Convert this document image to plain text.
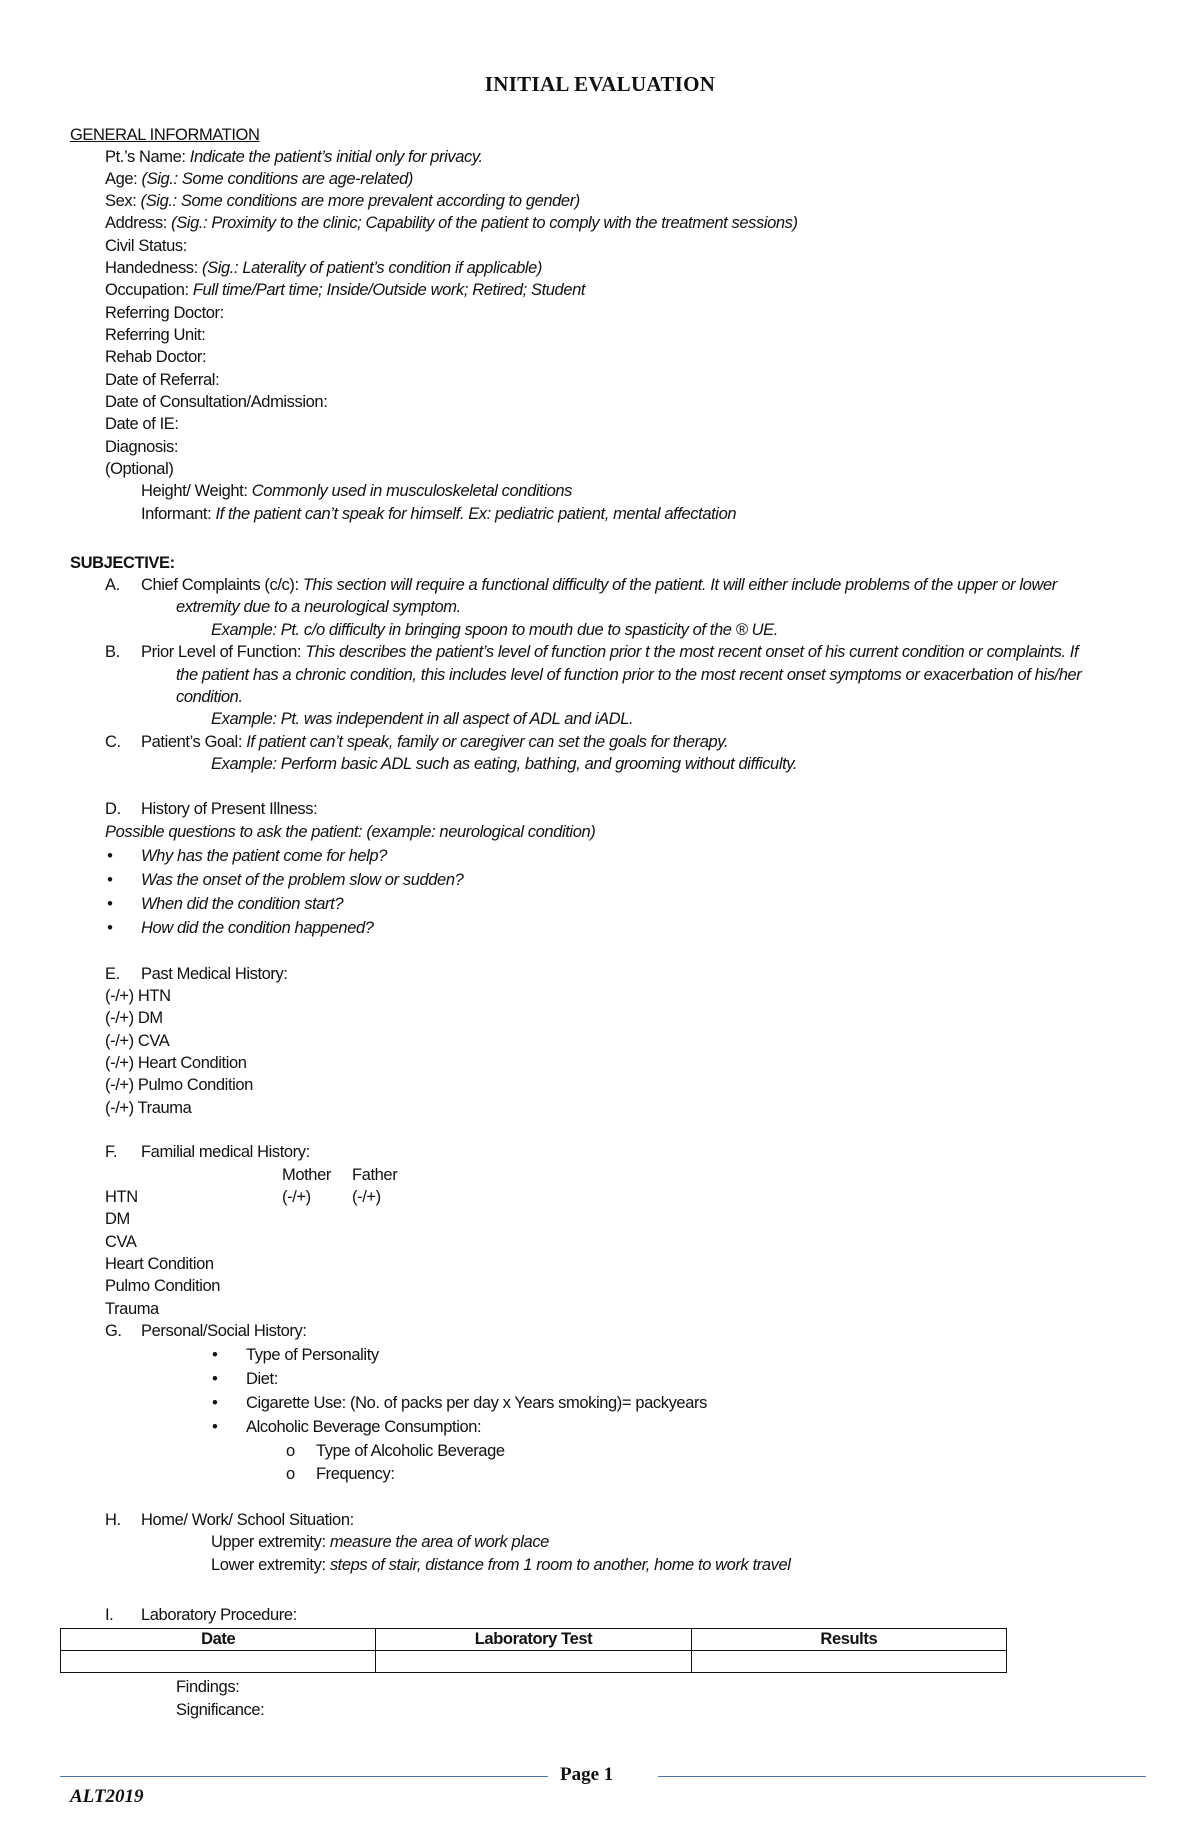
INITIAL EVALUATION
GENERAL INFORMATION
Pt.’s Name: Indicate the patient’s initial only for privacy.
Age: (Sig.: Some conditions are age-related)
Sex: (Sig.: Some conditions are more prevalent according to gender)
Address: (Sig.: Proximity to the clinic; Capability of the patient to comply with the treatment sessions)
Civil Status:
Handedness: (Sig.: Laterality of patient’s condition if applicable)
Occupation: Full time/Part time; Inside/Outside work; Retired; Student
Referring Doctor:
Referring Unit:
Rehab Doctor:
Date of Referral:
Date of Consultation/Admission:
Date of IE:
Diagnosis:
(Optional)
Height/ Weight: Commonly used in musculoskeletal conditions
Informant: If the patient can’t speak for himself. Ex: pediatric patient, mental affectation
SUBJECTIVE:
A. Chief Complaints (c/c): This section will require a functional difficulty of the patient. It will either include problems of the upper or lower
extremity due to a neurological symptom.
Example: Pt. c/o difficulty in bringing spoon to mouth due to spasticity of the ® UE.
B. Prior Level of Function: This describes the patient’s level of function prior t the most recent onset of his current condition or complaints. If
the patient has a chronic condition, this includes level of function prior to the most recent onset symptoms or exacerbation of his/her
condition.
Example: Pt. was independent in all aspect of ADL and iADL.
C. Patient’s Goal: If patient can’t speak, family or caregiver can set the goals for therapy.
Example: Perform basic ADL such as eating, bathing, and grooming without difficulty.
D. History of Present Illness:
Possible questions to ask the patient: (example: neurological condition)
• Why has the patient come for help?
• Was the onset of the problem slow or sudden?
• When did the condition start?
• How did the condition happened?
E. Past Medical History:
(-/+) HTN
(-/+) DM
(-/+) CVA
(-/+) Heart Condition
(-/+) Pulmo Condition
(-/+) Trauma
F. Familial medical History:
Mother Father
HTN	(-/+)	(-/+)
DM
CVA
Heart Condition
Pulmo Condition
Trauma
G. Personal/Social History:
• Type of Personality
• Diet:
• Cigarette Use: (No. of packs per day x Years smoking)= packyears
• Alcoholic Beverage Consumption:
o Type of Alcoholic Beverage
o Frequency:
H. Home/ Work/ School Situation:
Upper extremity: measure the area of work place
Lower extremity: steps of stair, distance from 1 room to another, home to work travel
I. Laboratory Procedure:
Date	Laboratory Test	Results

Findings:
Significance:
Page 1
ALT2019
